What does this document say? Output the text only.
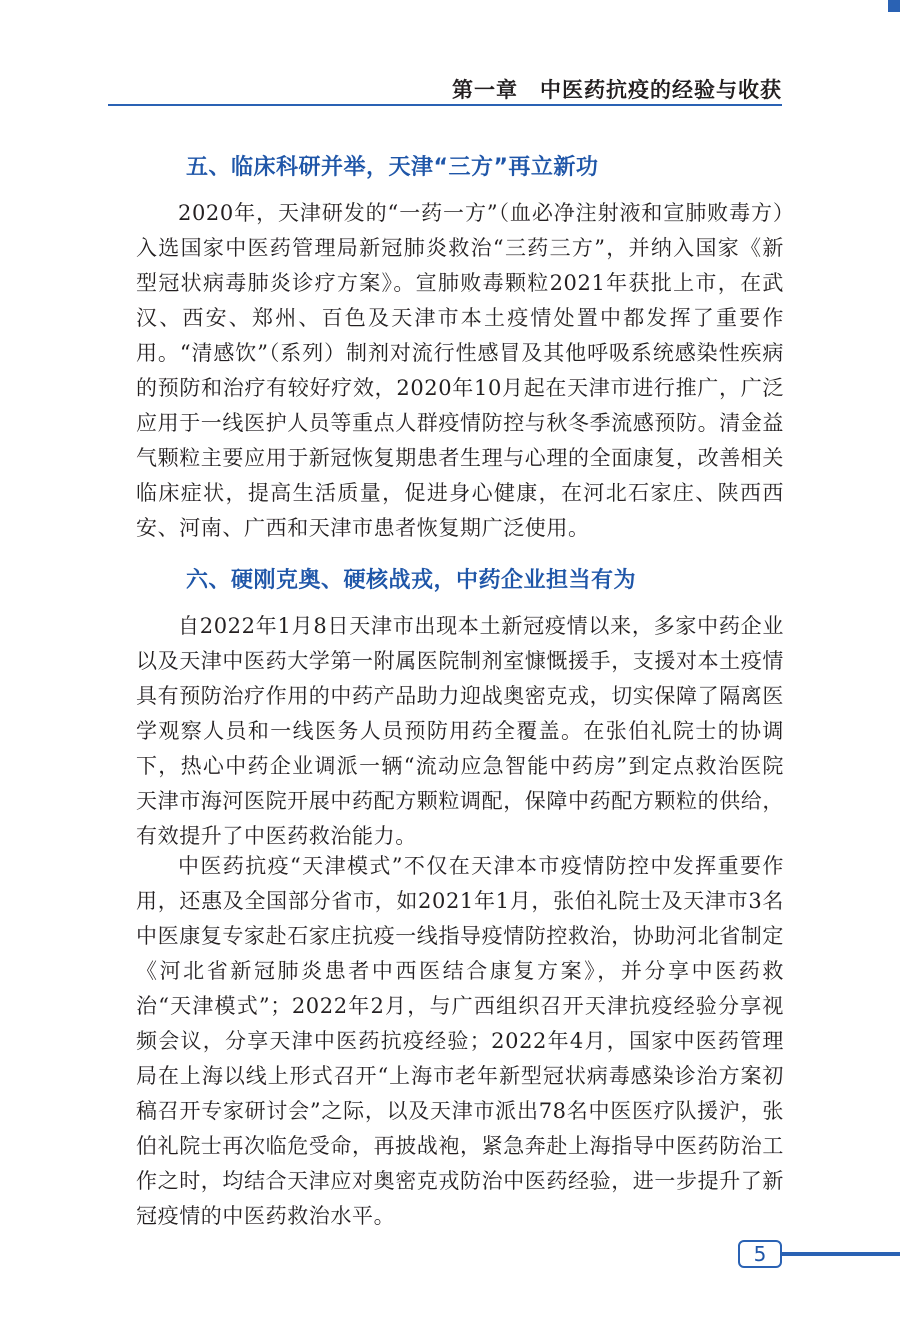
第一章　中医药抗疫的经验与收获
五、临床科研并举，天津“三方”再立新功

2020年，天津研发的“一药一方”（血必净注射液和宣肺败毒方）入选国家中医药管理局新冠肺炎救治“三药三方”，并纳入国家《新型冠状病毒肺炎诊疗方案》。宣肺败毒颗粒2021年获批上市，在武汉、西安、郑州、百色及天津市本土疫情处置中都发挥了重要作用。“清感饮”（系列）制剂对流行性感冒及其他呼吸系统感染性疾病的预防和治疗有较好疗效，2020年10月起在天津市进行推广，广泛应用于一线医护人员等重点人群疫情防控与秋冬季流感预防。清金益气颗粒主要应用于新冠恢复期患者生理与心理的全面康复，改善相关临床症状，提高生活质量，促进身心健康，在河北石家庄、陕西西安、河南、广西和天津市患者恢复期广泛使用。

六、硬刚克奥、硬核战戎，中药企业担当有为

自2022年1月8日天津市出现本土新冠疫情以来，多家中药企业以及天津中医药大学第一附属医院制剂室慷慨援手，支援对本土疫情具有预防治疗作用的中药产品助力迎战奥密克戎，切实保障了隔离医学观察人员和一线医务人员预防用药全覆盖。在张伯礼院士的协调下，热心中药企业调派一辆“流动应急智能中药房”到定点救治医院天津市海河医院开展中药配方颗粒调配，保障中药配方颗粒的供给，有效提升了中医药救治能力。

中医药抗疫“天津模式”不仅在天津本市疫情防控中发挥重要作用，还惠及全国部分省市，如2021年1月，张伯礼院士及天津市3名中医康复专家赴石家庄抗疫一线指导疫情防控救治，协助河北省制定《河北省新冠肺炎患者中西医结合康复方案》，并分享中医药救治“天津模式”；2022年2月，与广西组织召开天津抗疫经验分享视频会议，分享天津中医药抗疫经验；2022年4月，国家中医药管理局在上海以线上形式召开“上海市老年新型冠状病毒感染诊治方案初稿召开专家研讨会”之际，以及天津市派出78名中医医疗队援沪，张伯礼院士再次临危受命，再披战袍，紧急奔赴上海指导中医药防治工作之时，均结合天津应对奥密克戎防治中医药经验，进一步提升了新冠疫情的中医药救治水平。

5
